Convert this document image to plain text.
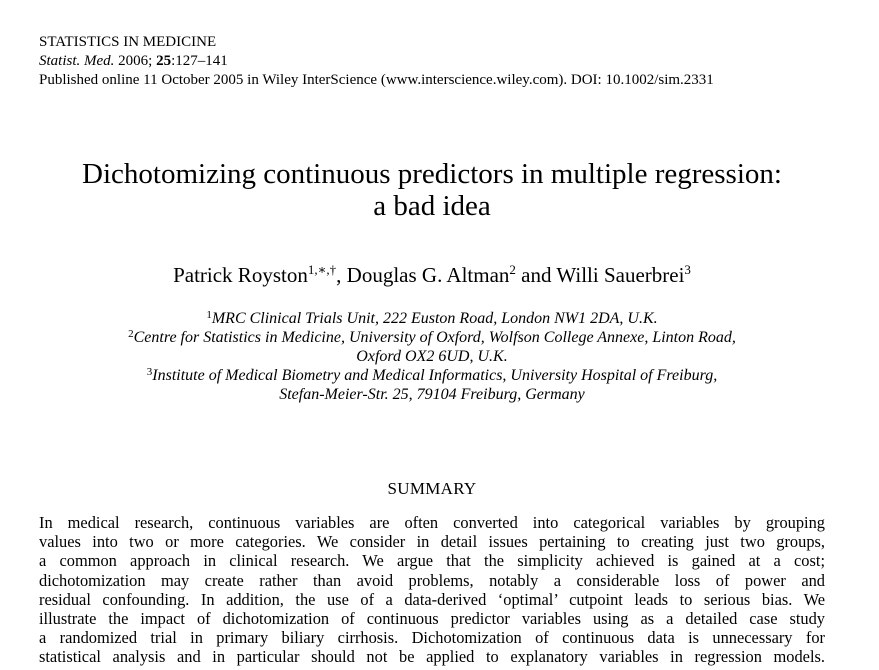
STATISTICS IN MEDICINE
Statist. Med. 2006; 25:127–141
Published online 11 October 2005 in Wiley InterScience (www.interscience.wiley.com). DOI: 10.1002/sim.2331
Dichotomizing continuous predictors in multiple regression:
a bad idea
Patrick Royston$^{1,∗,\dagger}$, Douglas G. Altman$^2$ and Willi Sauerbrei$^3$
$^1$MRC Clinical Trials Unit, 222 Euston Road, London NW1 2DA, U.K.
$^2$Centre for Statistics in Medicine, University of Oxford, Wolfson College Annexe, Linton Road,
Oxford OX2 6UD, U.K.
$^3$Institute of Medical Biometry and Medical Informatics, University Hospital of Freiburg,
Stefan-Meier-Str. 25, 79104 Freiburg, Germany
SUMMARY
In medical research, continuous variables are often converted into categorical variables by grouping
values into two or more categories. We consider in detail issues pertaining to creating just two groups,
a common approach in clinical research. We argue that the simplicity achieved is gained at a cost;
dichotomization may create rather than avoid problems, notably a considerable loss of power and
residual confounding. In addition, the use of a data-derived ‘optimal’ cutpoint leads to serious bias. We
illustrate the impact of dichotomization of continuous predictor variables using as a detailed case study
a randomized trial in primary biliary cirrhosis. Dichotomization of continuous data is unnecessary for
statistical analysis and in particular should not be applied to explanatory variables in regression models.
